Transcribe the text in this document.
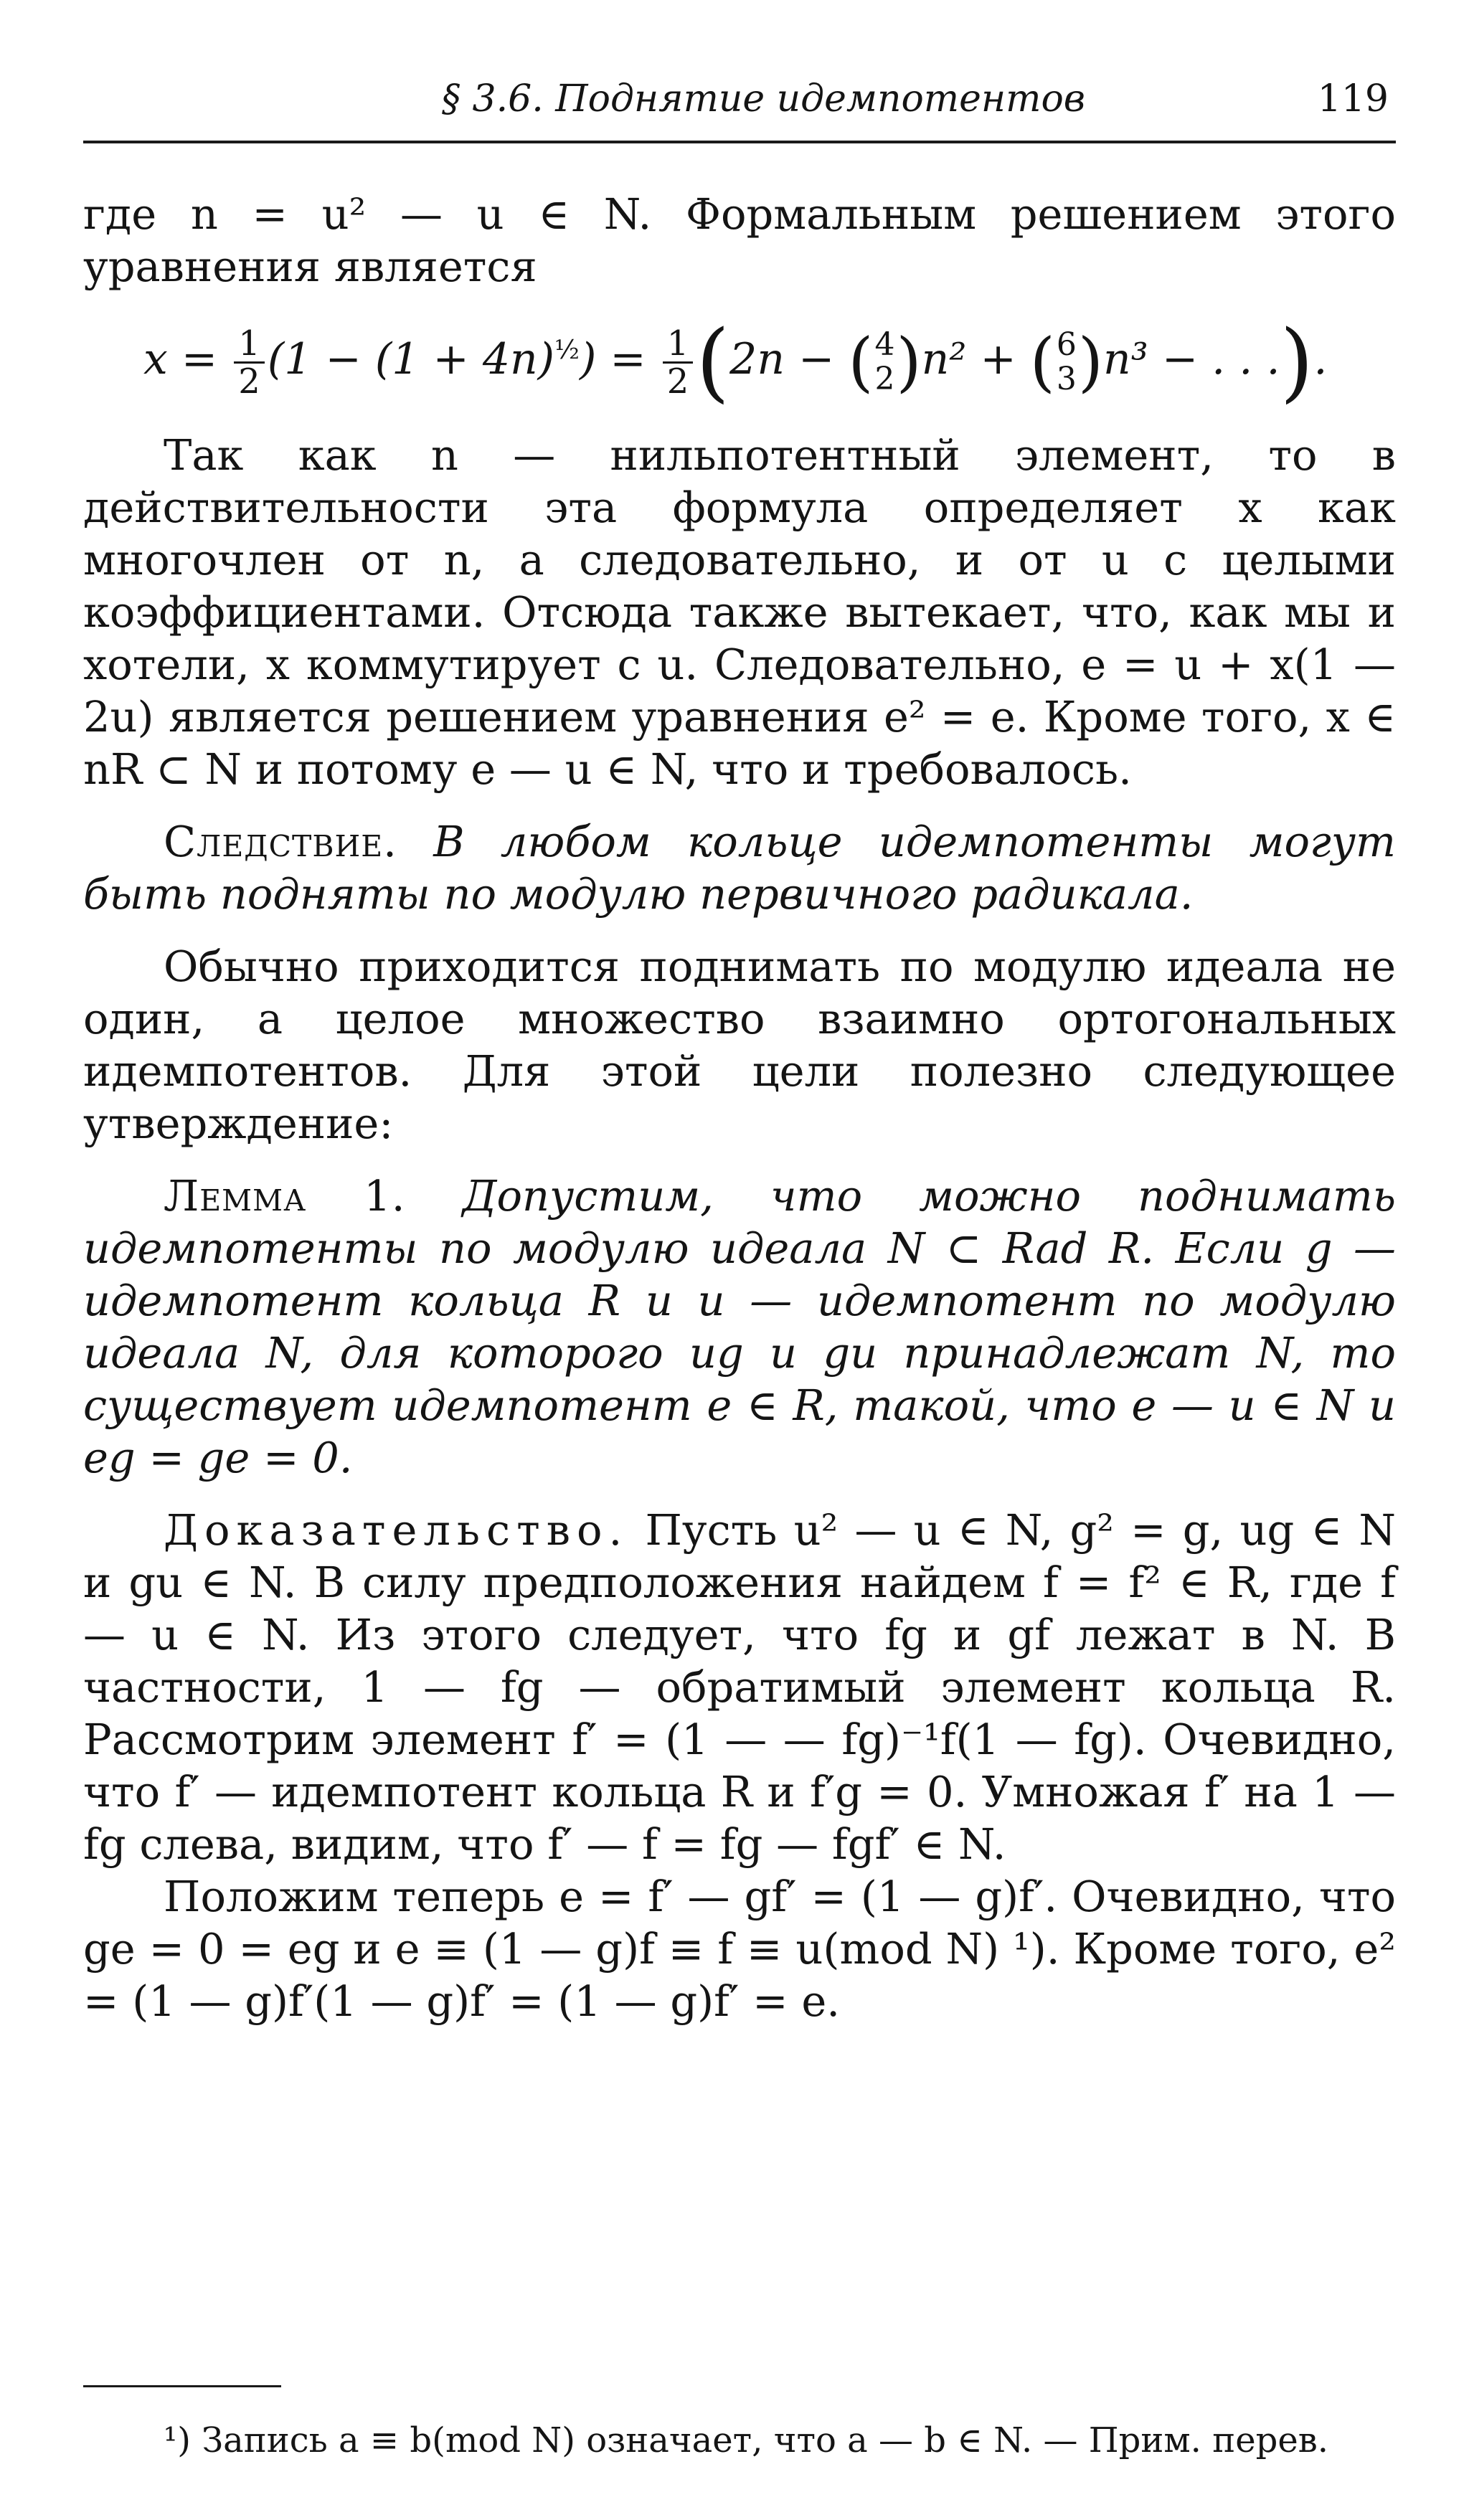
§ 3.6. Поднятие идемпотентов	119

где n = u² — u ∈ N. Формальным решением этого уравнения является

$x = \frac{1}{2} (1 - (1 + 4n)^{\frac{1}{2}}) = \frac{1}{2} (2n$ − ( 4
2 )n² + ( 6
3 )n³ − . . .).

Так как n — нильпотентный элемент, то в действительности эта формула определяет x как многочлен от n, а следовательно, и от u с целыми коэффициентами. Отсюда также вытекает, что, как мы и хотели, x коммутирует с u. Следовательно, e = u + x(1 — 2u) является решением уравнения e² = e. Кроме того, x ∈ nR ⊂ N и потому e — u ∈ N, что и требовалось.

Следствие. В любом кольце идемпотенты могут быть подняты по модулю первичного радикала.

Обычно приходится поднимать по модулю идеала не один, а целое множество взаимно ортогональных идемпотентов. Для этой цели полезно следующее утверждение:

Лемма 1. Допустим, что можно поднимать идемпотенты по модулю идеала N ⊂ Rad R. Если g — идемпотент кольца R и u — идемпотент по модулю идеала N, для которого ug и gu принадлежат N, то существует идемпотент e ∈ R, такой, что e — u ∈ N и eg = ge = 0.

Доказательство. Пусть u² — u ∈ N, g² = g, ug ∈ N и gu ∈ N. В силу предположения найдем f = f² ∈ R, где f — u ∈ N. Из этого следует, что fg и gf лежат в N. В частности, 1 — fg — обратимый элемент кольца R. Рассмотрим элемент f′ = (1 — — fg)⁻¹f(1 — fg). Очевидно, что f′ — идемпотент кольца R и f′g = 0. Умножая f′ на 1 — fg слева, видим, что f′ — f = fg — fgf′ ∈ N.

Положим теперь e = f′ — gf′ = (1 — g)f′. Очевидно, что ge = 0 = eg и e ≡ (1 — g)f ≡ f ≡ u(mod N) ¹). Кроме того, e² = (1 — g)f′(1 — g)f′ = (1 — g)f′ = e.

¹) Запись a ≡ b(mod N) означает, что a — b ∈ N. — Прим. перев.
